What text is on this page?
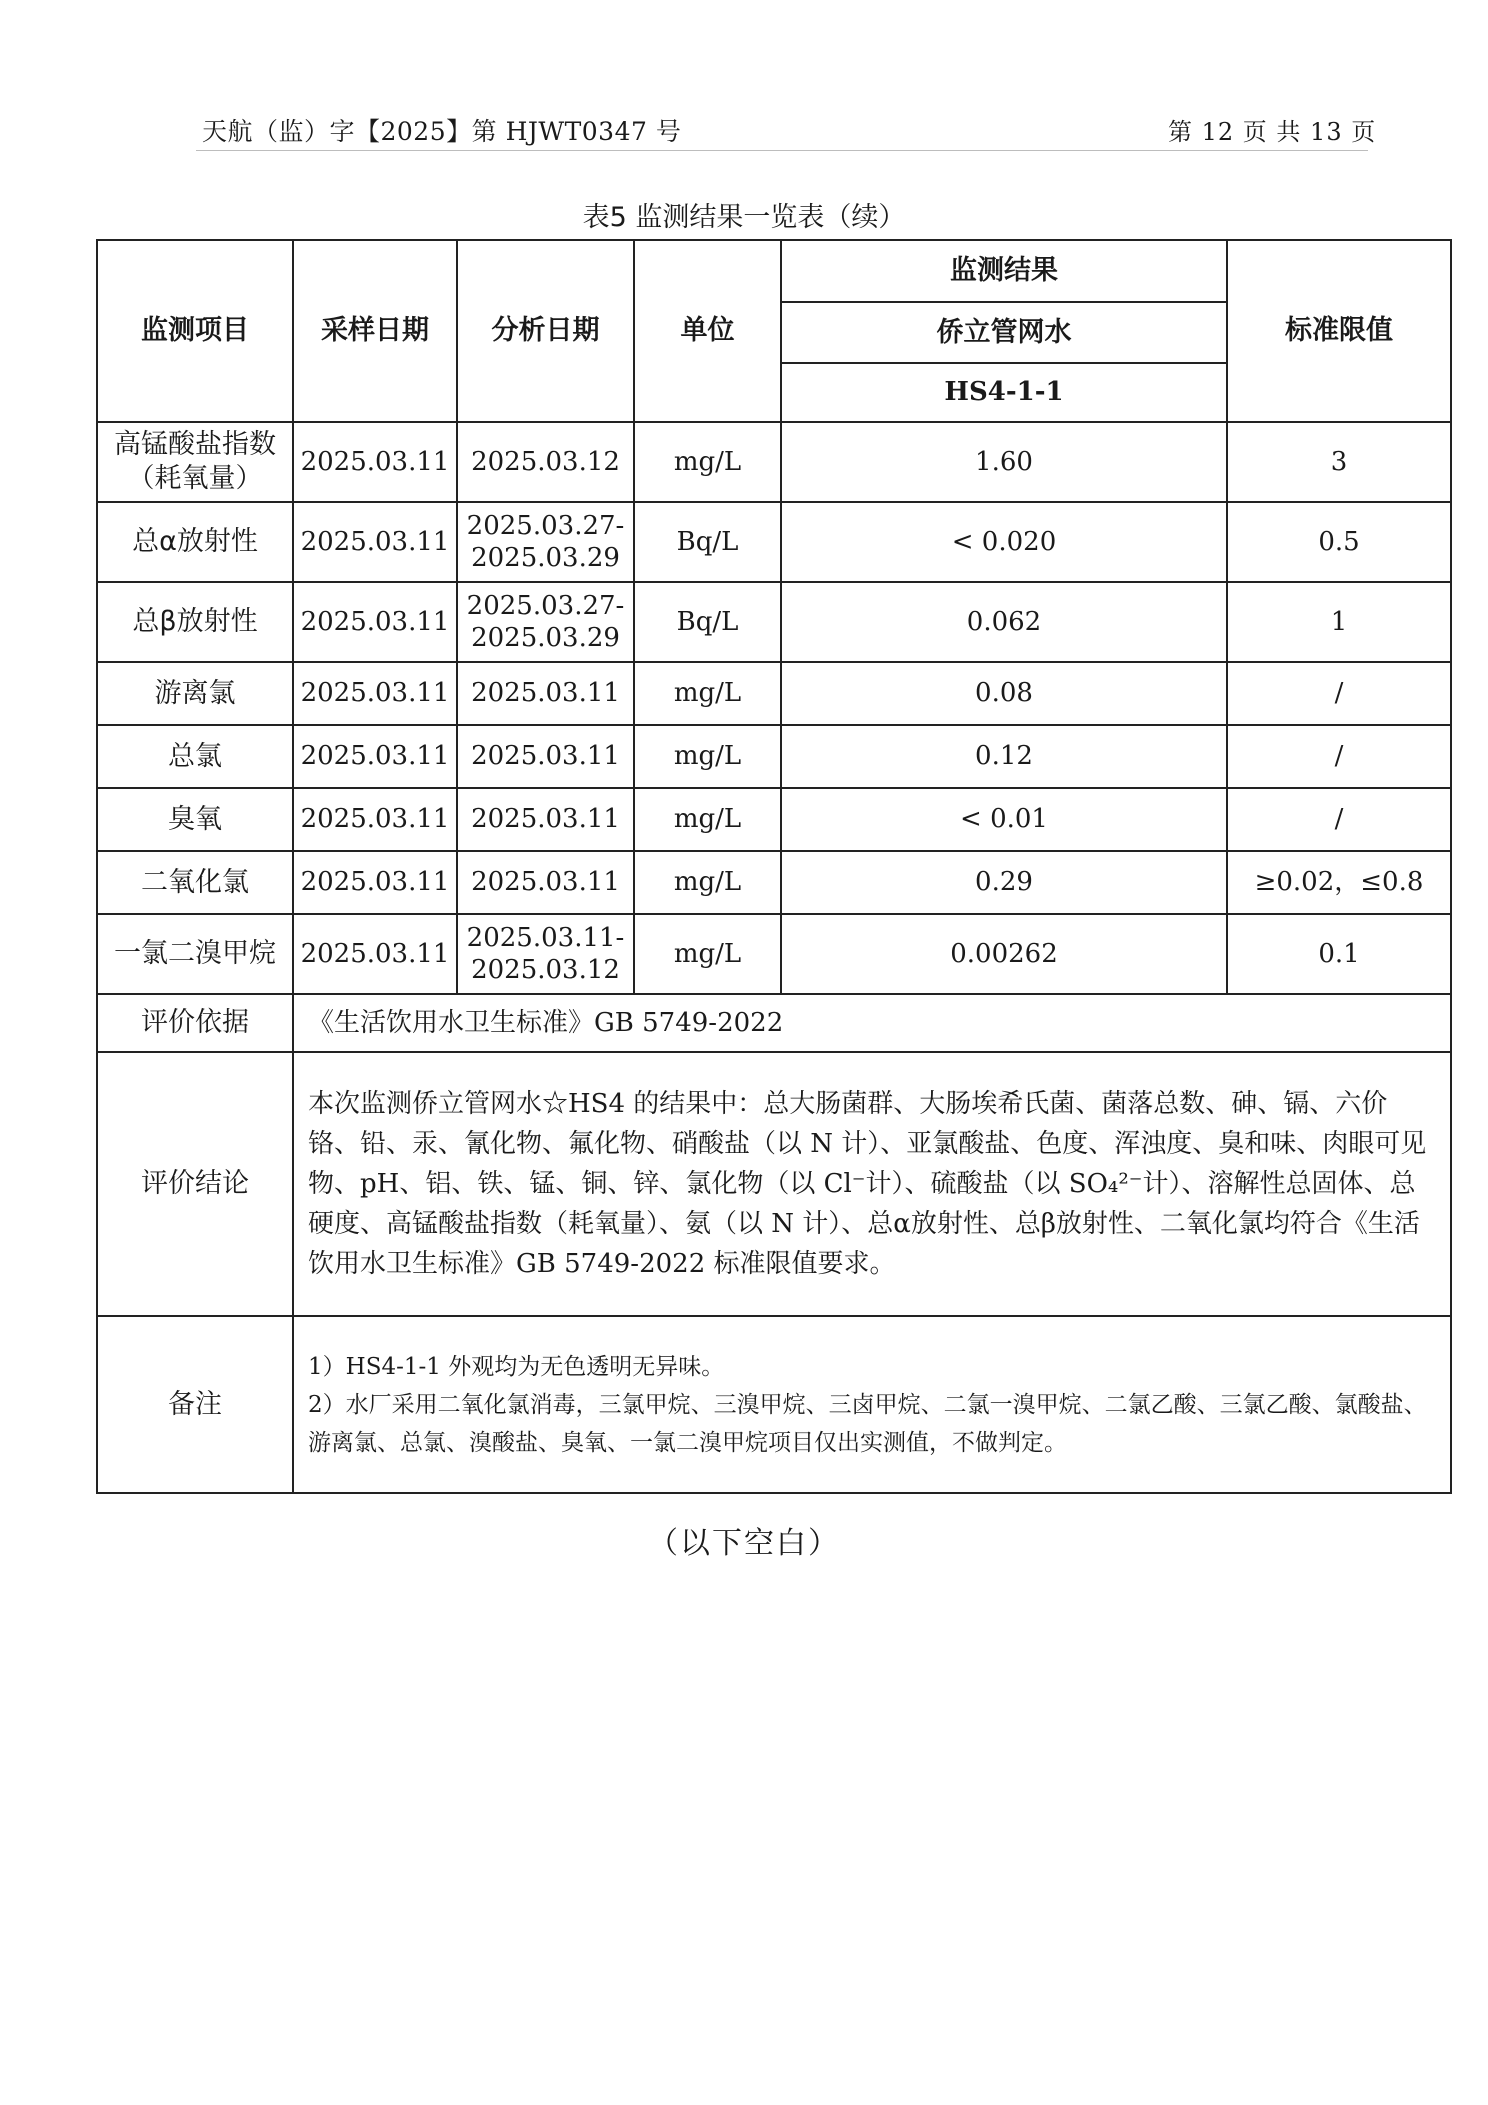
天航（监）字【2025】第 HJWT0347 号	第 12 页 共 13 页
表5 监测结果一览表（续）
监测项目	采样日期	分析日期	单位	监测结果	标准限值
				侨立管网水	
				HS4-1-1	
高锰酸盐指数（耗氧量）	2025.03.11	2025.03.12	mg/L	1.60	3
总α放射性	2025.03.11	2025.03.27-2025.03.29	Bq/L	< 0.020	0.5
总β放射性	2025.03.11	2025.03.27-2025.03.29	Bq/L	0.062	1
游离氯	2025.03.11	2025.03.11	mg/L	0.08	/
总氯	2025.03.11	2025.03.11	mg/L	0.12	/
臭氧	2025.03.11	2025.03.11	mg/L	< 0.01	/
二氧化氯	2025.03.11	2025.03.11	mg/L	0.29	≥0.02，≤0.8
一氯二溴甲烷	2025.03.11	2025.03.11-2025.03.12	mg/L	0.00262	0.1
评价依据	《生活饮用水卫生标准》GB 5749-2022				
评价结论	本次监测侨立管网水☆HS4 的结果中：总大肠菌群、大肠埃希氏菌、菌落总数、砷、镉、六价铬、铅、汞、氰化物、氟化物、硝酸盐（以 N 计）、亚氯酸盐、色度、浑浊度、臭和味、肉眼可见物、pH、铝、铁、锰、铜、锌、氯化物（以 Cl⁻计）、硫酸盐（以 SO₄²⁻计）、溶解性总固体、总硬度、高锰酸盐指数（耗氧量）、氨（以 N 计）、总α放射性、总β放射性、二氧化氯均符合《生活饮用水卫生标准》GB 5749-2022 标准限值要求。				
备注	1）HS4-1-1 外观均为无色透明无异味。
2）水厂采用二氧化氯消毒，三氯甲烷、三溴甲烷、三卤甲烷、二氯一溴甲烷、二氯乙酸、三氯乙酸、氯酸盐、游离氯、总氯、溴酸盐、臭氧、一氯二溴甲烷项目仅出实测值，不做判定。				
（以下空白）
